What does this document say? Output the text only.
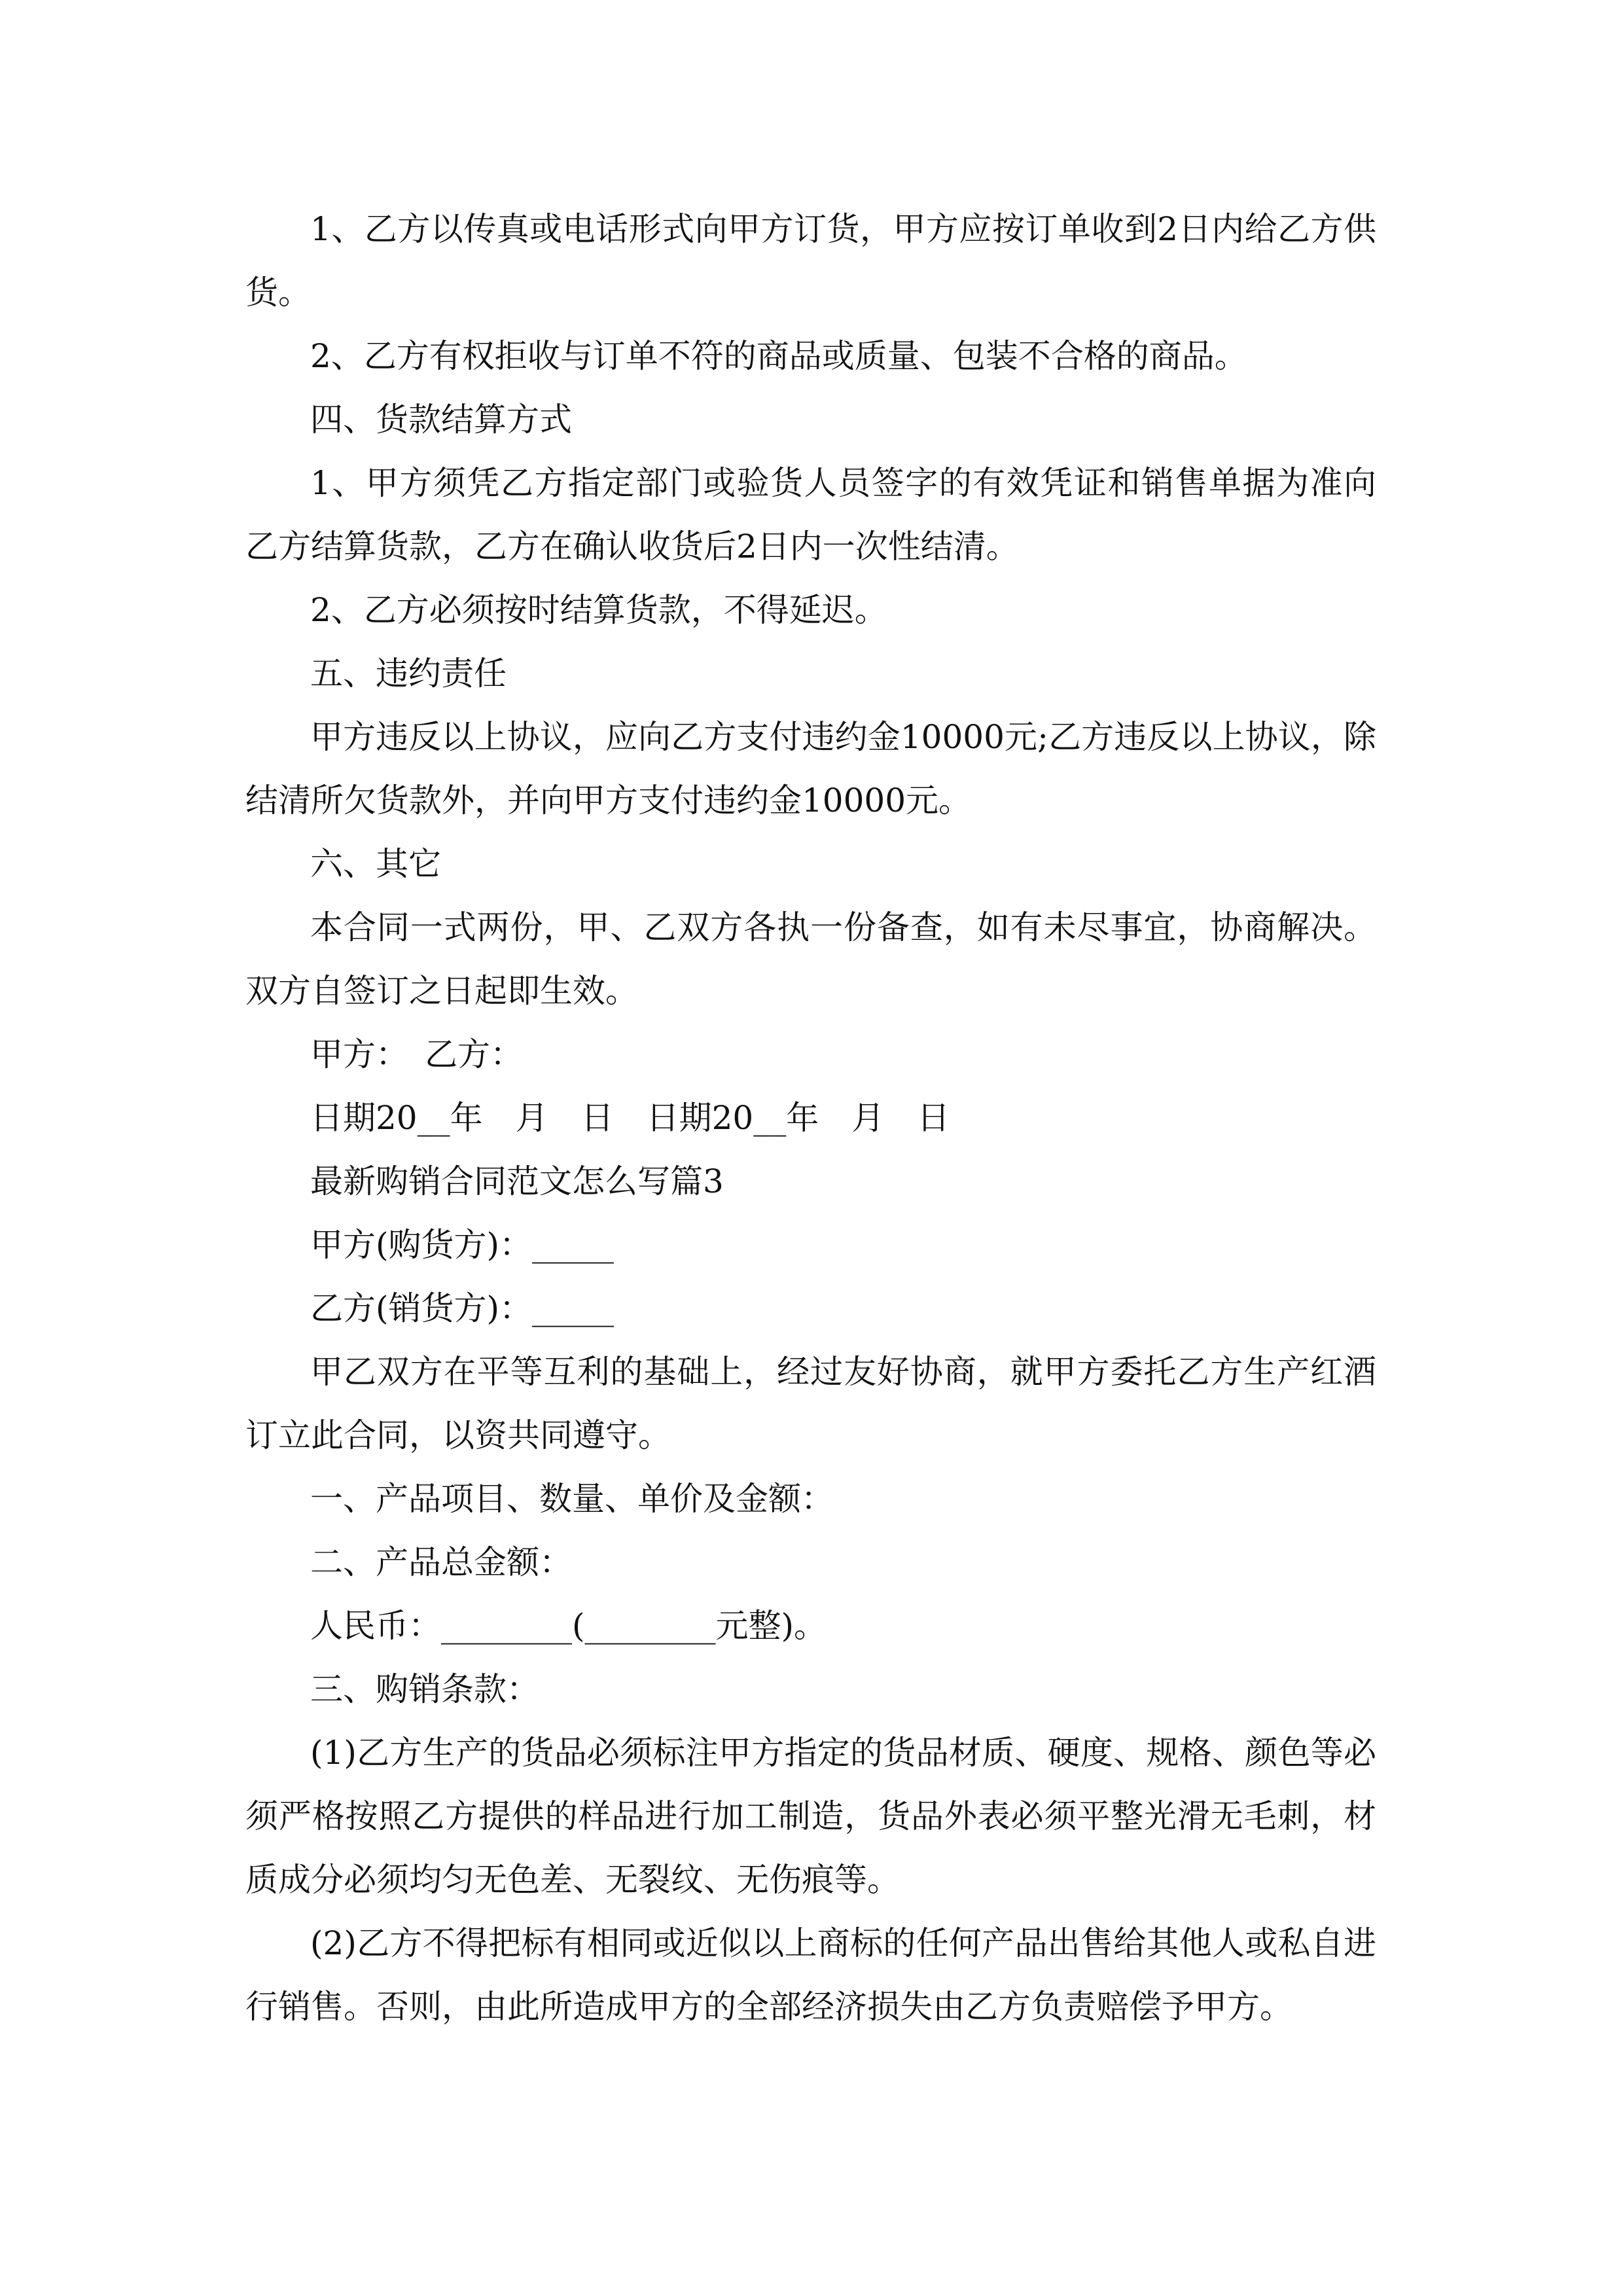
1、乙方以传真或电话形式向甲方订货，甲方应按订单收到2日内给乙方供货。

2、乙方有权拒收与订单不符的商品或质量、包装不合格的商品。

四、货款结算方式

1、甲方须凭乙方指定部门或验货人员签字的有效凭证和销售单据为准向乙方结算货款，乙方在确认收货后2日内一次性结清。

2、乙方必须按时结算货款，不得延迟。

五、违约责任

甲方违反以上协议，应向乙方支付违约金10000元;乙方违反以上协议，除结清所欠货款外，并向甲方支付违约金10000元。

六、其它

本合同一式两份，甲、乙双方各执一份备查，如有未尽事宜，协商解决。双方自签订之日起即生效。

甲方：　乙方：

日期20__年　月　日　日期20__年　月　日

最新购销合同范文怎么写篇3

甲方(购货方)：_____

乙方(销货方)：_____

甲乙双方在平等互利的基础上，经过友好协商，就甲方委托乙方生产红酒订立此合同，以资共同遵守。

一、产品项目、数量、单价及金额：

二、产品总金额：

人民币：________(________元整)。

三、购销条款：

(1)乙方生产的货品必须标注甲方指定的货品材质、硬度、规格、颜色等必须严格按照乙方提供的样品进行加工制造，货品外表必须平整光滑无毛刺，材质成分必须均匀无色差、无裂纹、无伤痕等。

(2)乙方不得把标有相同或近似以上商标的任何产品出售给其他人或私自进行销售。否则，由此所造成甲方的全部经济损失由乙方负责赔偿予甲方。
